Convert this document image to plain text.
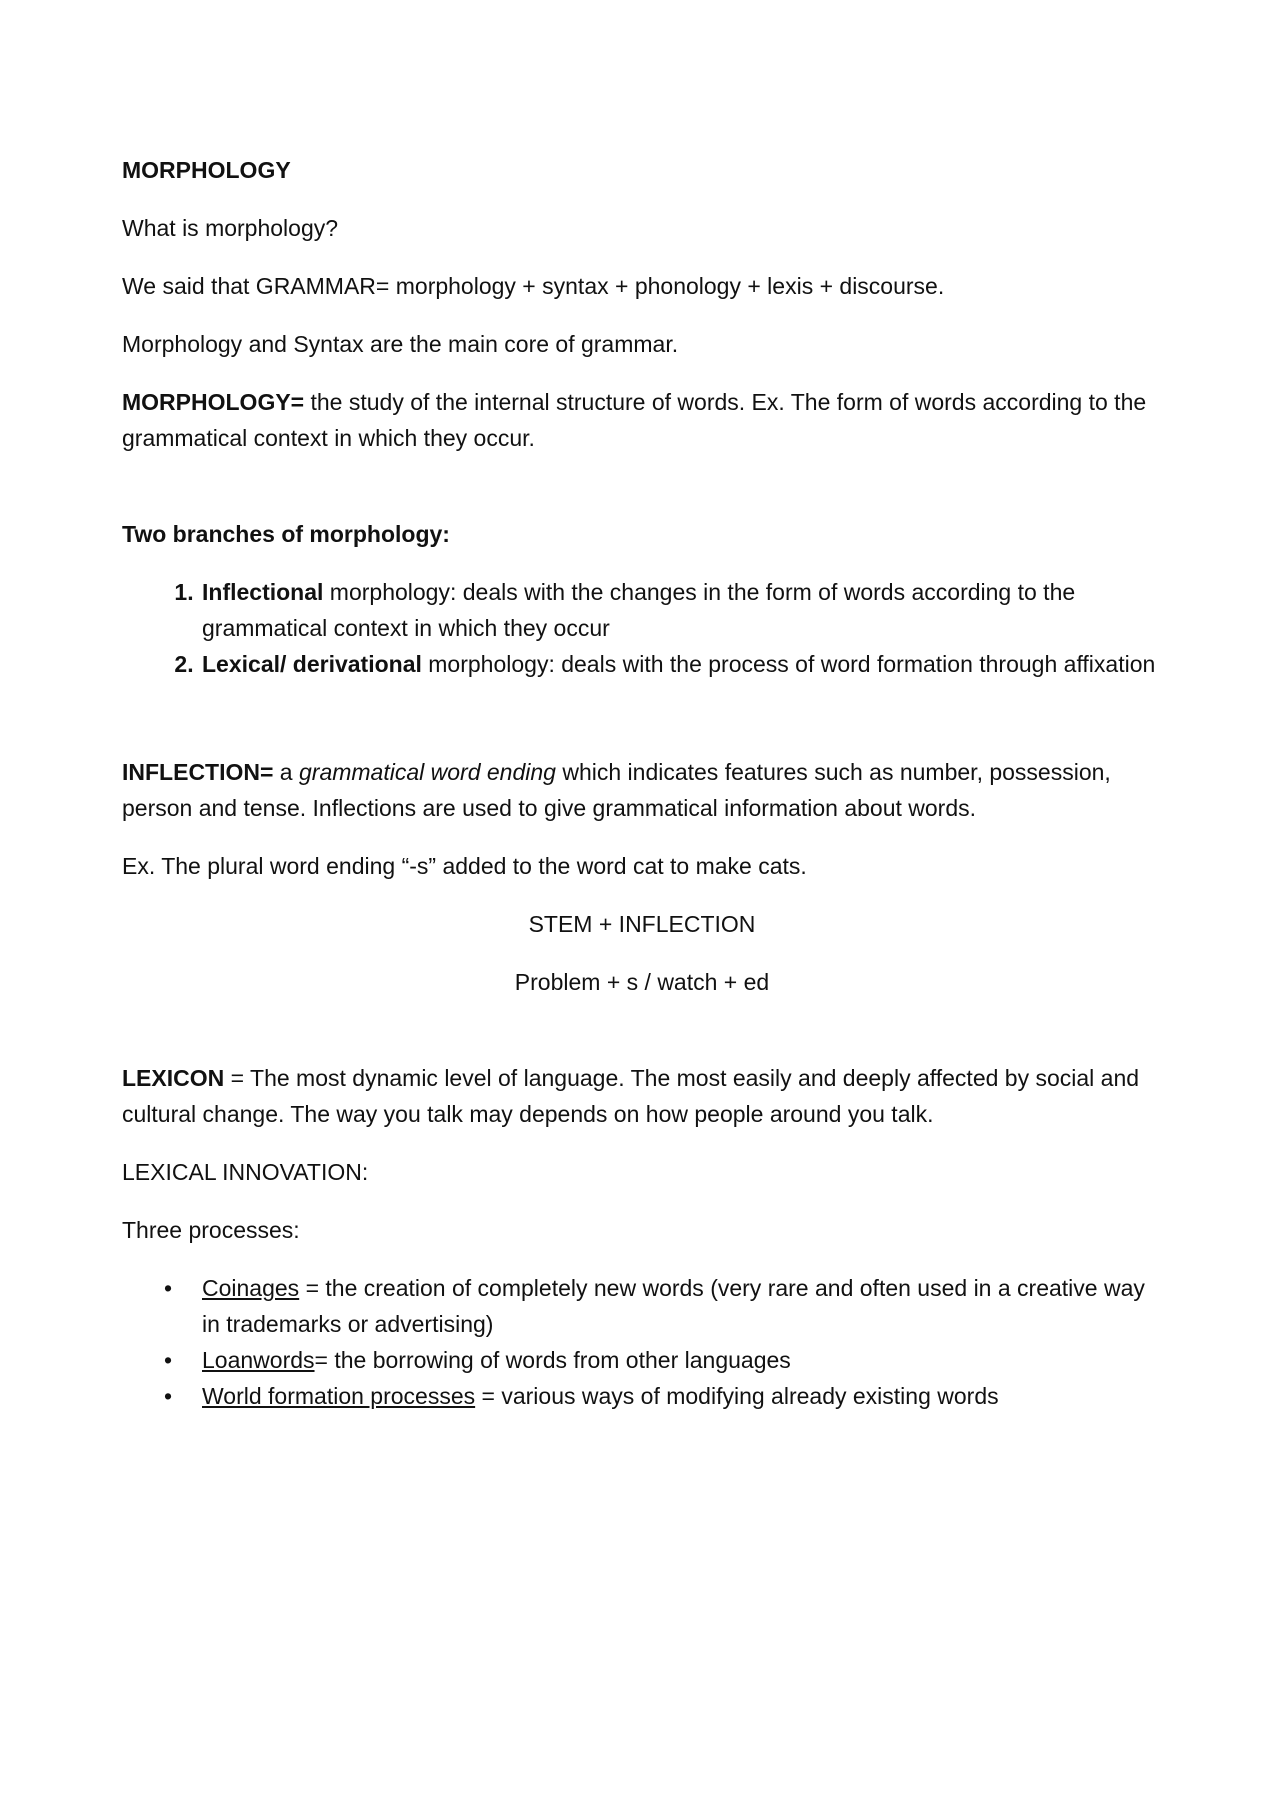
MORPHOLOGY

What is morphology?

We said that GRAMMAR= morphology + syntax + phonology + lexis + discourse.

Morphology and Syntax are the main core of grammar.

MORPHOLOGY= the study of the internal structure of words. Ex. The form of words according to the grammatical context in which they occur.

Two branches of morphology:

1. Inflectional morphology: deals with the changes in the form of words according to the grammatical context in which they occur
2. Lexical/ derivational morphology: deals with the process of word formation through affixation

INFLECTION= a grammatical word ending which indicates features such as number, possession, person and tense. Inflections are used to give grammatical information about words.

Ex. The plural word ending “-s” added to the word cat to make cats.

STEM + INFLECTION

Problem + s / watch + ed

LEXICON = The most dynamic level of language. The most easily and deeply affected by social and cultural change. The way you talk may depends on how people around you talk.

LEXICAL INNOVATION:

Three processes:

• Coinages = the creation of completely new words (very rare and often used in a creative way in trademarks or advertising)
• Loanwords= the borrowing of words from other languages
• World formation processes = various ways of modifying already existing words
